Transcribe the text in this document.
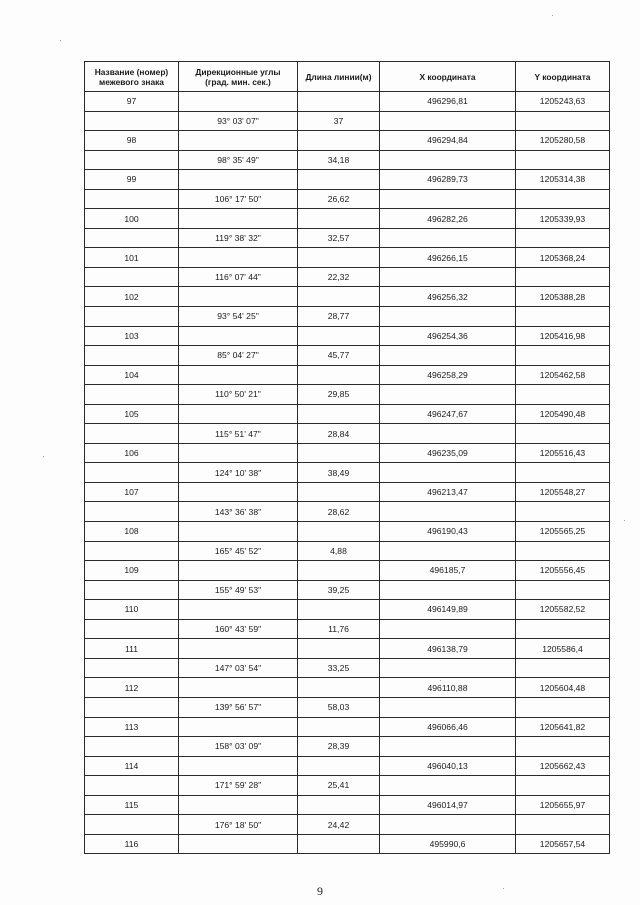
Название (номер)
межевого знака	Дирекционные углы
(град. мин. сек.)	Длина линии(м)	X координата	Y координата
97			496296,81	1205243,63
	93° 03' 07"	37		
98			496294,84	1205280,58
	98° 35' 49"	34,18		
99			496289,73	1205314,38
	106° 17' 50"	26,62		
100			496282,26	1205339,93
	119° 38' 32"	32,57		
101			496266,15	1205368,24
	116° 07' 44"	22,32		
102			496256,32	1205388,28
	93° 54' 25"	28,77		
103			496254,36	1205416,98
	85° 04' 27"	45,77		
104			496258,29	1205462,58
	110° 50' 21"	29,85		
105			496247,67	1205490,48
	115° 51' 47"	28,84		
106			496235,09	1205516,43
	124° 10' 38"	38,49		
107			496213,47	1205548,27
	143° 36' 38"	28,62		
108			496190,43	1205565,25
	165° 45' 52"	4,88		
109			496185,7	1205556,45
	155° 49' 53"	39,25		
110			496149,89	1205582,52
	160° 43' 59"	11,76		
111			496138,79	1205586,4
	147° 03' 54"	33,25		
112			496110,88	1205604,48
	139° 56' 57"	58,03		
113			496066,46	1205641,82
	158° 03' 09"	28,39		
114			496040,13	1205662,43
	171° 59' 28"	25,41		
115			496014,97	1205655,97
	176° 18' 50"	24,42		
116			495990,6	1205657,54
9
